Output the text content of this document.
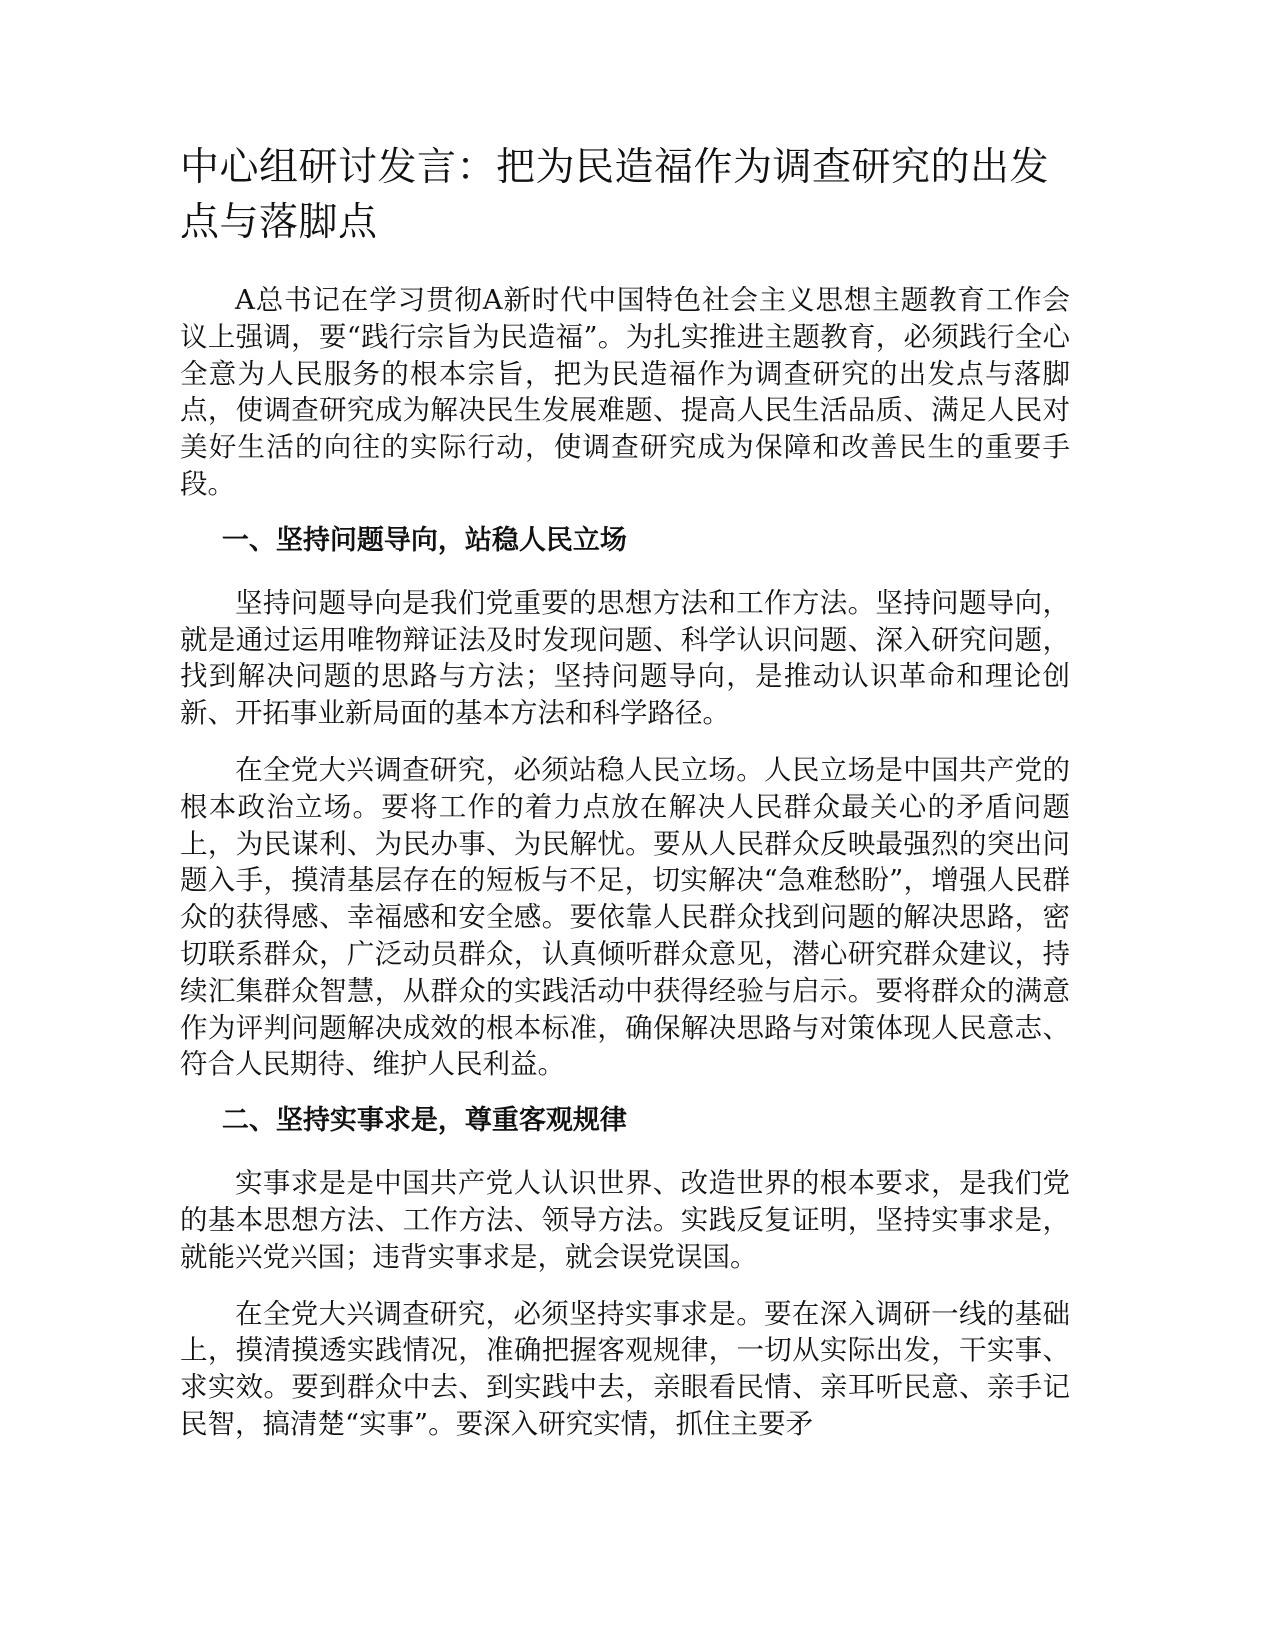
中心组研讨发言：把为民造福作为调查研究的出发点与落脚点

A总书记在学习贯彻A新时代中国特色社会主义思想主题教育工作会议上强调，要“践行宗旨为民造福”。为扎实推进主题教育，必须践行全心全意为人民服务的根本宗旨，把为民造福作为调查研究的出发点与落脚点，使调查研究成为解决民生发展难题、提高人民生活品质、满足人民对美好生活的向往的实际行动，使调查研究成为保障和改善民生的重要手段。

一、坚持问题导向，站稳人民立场

坚持问题导向是我们党重要的思想方法和工作方法。坚持问题导向，就是通过运用唯物辩证法及时发现问题、科学认识问题、深入研究问题，找到解决问题的思路与方法；坚持问题导向，是推动认识革命和理论创新、开拓事业新局面的基本方法和科学路径。

在全党大兴调查研究，必须站稳人民立场。人民立场是中国共产党的根本政治立场。要将工作的着力点放在解决人民群众最关心的矛盾问题上，为民谋利、为民办事、为民解忧。要从人民群众反映最强烈的突出问题入手，摸清基层存在的短板与不足，切实解决“急难愁盼”，增强人民群众的获得感、幸福感和安全感。要依靠人民群众找到问题的解决思路，密切联系群众，广泛动员群众，认真倾听群众意见，潜心研究群众建议，持续汇集群众智慧，从群众的实践活动中获得经验与启示。要将群众的满意作为评判问题解决成效的根本标准，确保解决思路与对策体现人民意志、符合人民期待、维护人民利益。

二、坚持实事求是，尊重客观规律

实事求是是中国共产党人认识世界、改造世界的根本要求，是我们党的基本思想方法、工作方法、领导方法。实践反复证明，坚持实事求是，就能兴党兴国；违背实事求是，就会误党误国。

在全党大兴调查研究，必须坚持实事求是。要在深入调研一线的基础上，摸清摸透实践情况，准确把握客观规律，一切从实际出发，干实事、求实效。要到群众中去、到实践中去，亲眼看民情、亲耳听民意、亲手记民智，搞清楚“实事”。要深入研究实情，抓住主要矛
